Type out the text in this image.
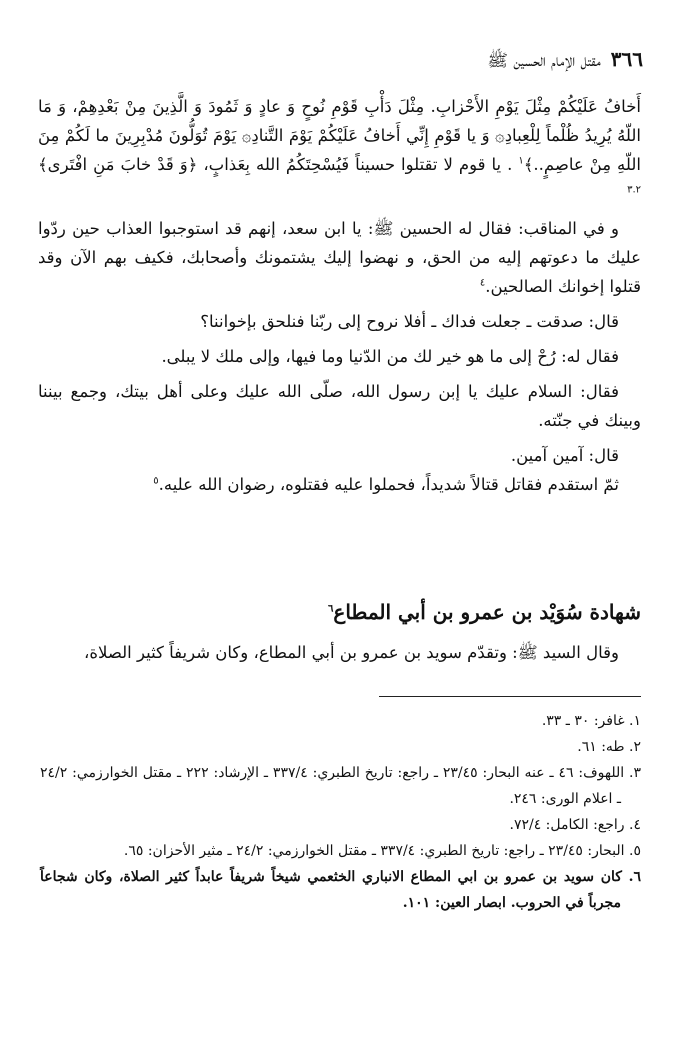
٣٦٦
مقتل الإمام الحسين ﷺ

أَخافُ عَلَيْكُمْ مِثْلَ يَوْمِ الأَحْزابِ. مِثْلَ دَأْبِ قَوْمِ نُوحٍ وَ عادٍ وَ ثَمُودَ وَ الَّذِينَ مِنْ بَعْدِهِمْ، وَ مَا اللّهُ يُرِيدُ ظُلْماً لِلْعِبادِ۞ وَ يا قَوْمِ إِنِّي أَخافُ عَلَيْكُمْ يَوْمَ التَّنادِ۞ يَوْمَ تُوَلُّونَ مُدْبِرِينَ ما لَكُمْ مِنَ اللّهِ مِنْ عاصِمٍ..﴾$^١$ . يا قوم لا تقتلوا حسيناً فَيُسْحِتَكُمُ الله بِعَذابٍ، ﴿وَ قَدْ خابَ مَنِ افْتَرى﴾$^{٣.٢}$

و في المناقب: فقال له الحسين ﷺ: يا ابن سعد، إنهم قد استوجبوا العذاب حين ردّوا عليك ما دعوتهم إليه من الحق، و نهضوا إليك يشتمونك وأصحابك، فكيف بهم الآن وقد قتلوا إخوانك الصالحين.$^٤$

قال: صدقت ـ جعلت فداك ـ أفلا نروح إلى ربّنا فنلحق بإخواننا؟

فقال له: رُحْ إلى ما هو خير لك من الدّنيا وما فيها، وإلى ملك لا يبلى.

فقال: السلام عليك يا إبن رسول الله، صلّى الله عليك وعلى أهل بيتك، وجمع بيننا وبينك في جنّته.

قال: آمين آمين.

ثمّ استقدم فقاتل قتالاً شديداً، فحملوا عليه فقتلوه، رضوان الله عليه.$^٥$

شهادة سُوَيْد بن عمرو بن أبي المطاع$^٦$
وقال السيد ﷺ: وتقدّم سويد بن عمرو بن أبي المطاع، وكان شريفاً كثير الصلاة،

١. غافر: ٣٠ ـ ٣٣.

٢. طه: ٦١.

٣. اللهوف: ٤٦ ـ عنه البحار: ٢٣/٤٥ ـ راجع: تاريخ الطبري: ٣٣٧/٤ ـ الإرشاد: ٢٢٢ ـ مقتل الخوارزمي: ٢٤/٢ ـ اعلام الورى: ٢٤٦.

٤. راجع: الكامل: ٧٢/٤.

٥. البحار: ٢٣/٤٥ ـ راجع: تاريخ الطبري: ٣٣٧/٤ ـ مقتل الخوارزمي: ٢٤/٢ ـ مثير الأحزان: ٦٥.

٦. كان سويد بن عمرو بن ابي المطاع الانباري الخثعمي شيخاً شريفاً عابداً كثير الصلاة، وكان شجاعاً مجرباً في الحروب. ابصار العين: ١٠١.
